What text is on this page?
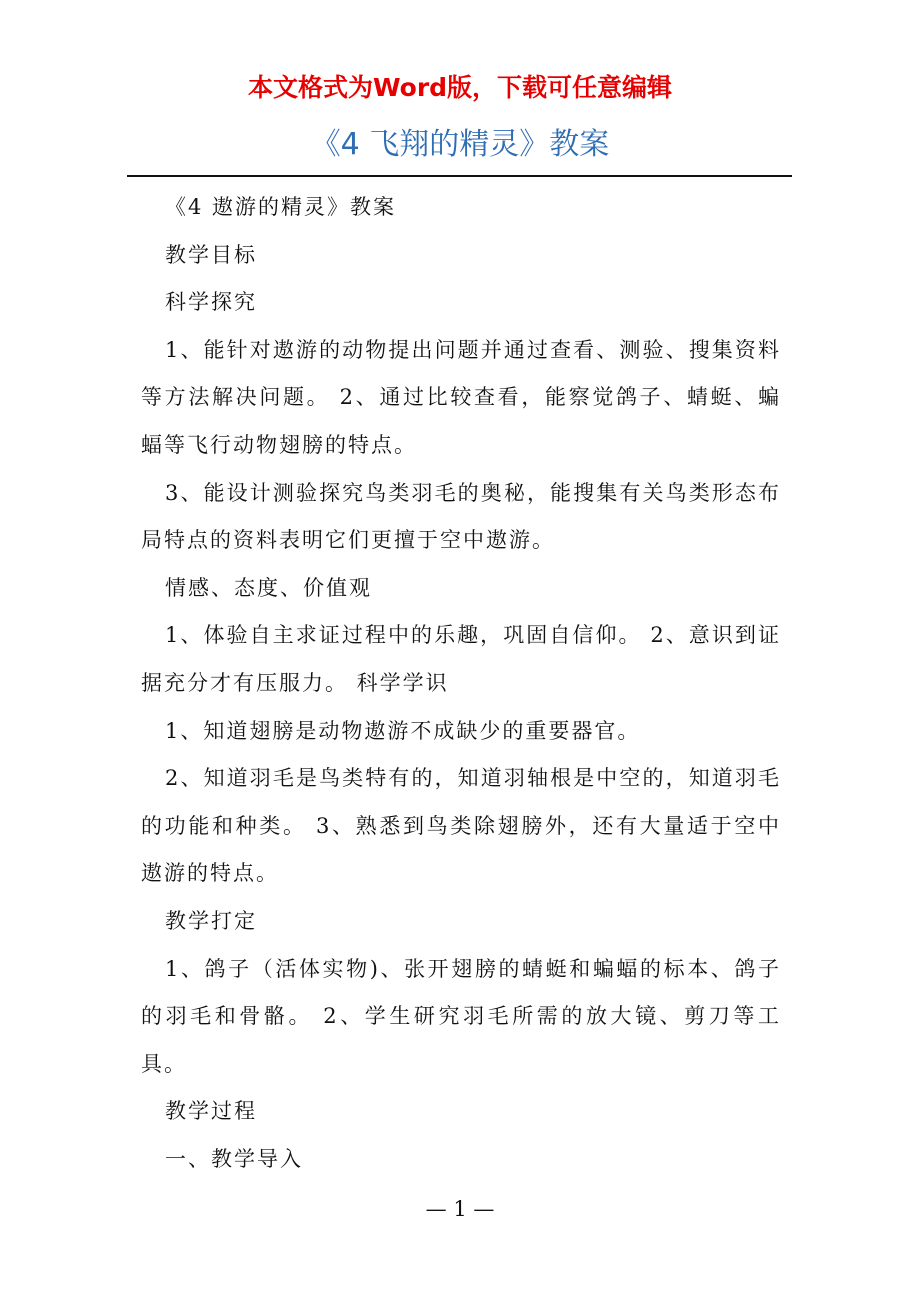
本文格式为Word版，下载可任意编辑
《4 飞翔的精灵》教案

《4 遨游的精灵》教案

教学目标

科学探究

1、能针对遨游的动物提出问题并通过查看、测验、搜集资料等方法解决问题。 2、通过比较查看，能察觉鸽子、蜻蜓、蝙蝠等飞行动物翅膀的特点。

3、能设计测验探究鸟类羽毛的奥秘，能搜集有关鸟类形态布局特点的资料表明它们更擅于空中遨游。

情感、态度、价值观

1、体验自主求证过程中的乐趣，巩固自信仰。 2、意识到证据充分才有压服力。 科学学识

1、知道翅膀是动物遨游不成缺少的重要器官。

2、知道羽毛是鸟类特有的，知道羽轴根是中空的，知道羽毛的功能和种类。 3、熟悉到鸟类除翅膀外，还有大量适于空中遨游的特点。

教学打定

1、鸽子（活体实物)、张开翅膀的蜻蜓和蝙蝠的标本、鸽子的羽毛和骨骼。 2、学生研究羽毛所需的放大镜、剪刀等工具。

教学过程

一、教学导入

— 1 —
